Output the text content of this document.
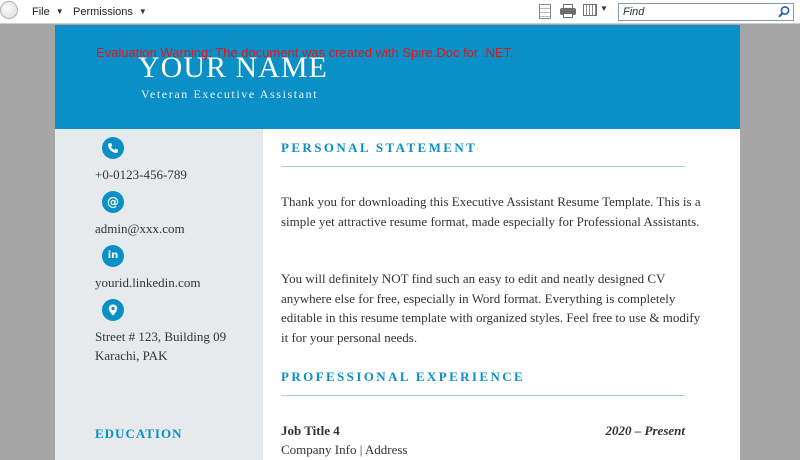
File ▼ Permissions ▼	▼
Find
YOUR NAME
Veteran Executive Assistant
Evaluation Warning: The document was created with Spire.Doc for .NET.
+0-0123-456-789
@
admin@xxx.com
in
yourid.linkedin.com
Street # 123, Building 09
Karachi, PAK
EDUCATION
PERSONAL STATEMENT
Thank you for downloading this Executive Assistant Resume Template. This is a simple yet attractive resume format, made especially for Professional Assistants.
You will definitely NOT find such an easy to edit and neatly designed CV anywhere else for free, especially in Word format. Everything is completely editable in this resume template with organized styles. Feel free to use & modify it for your personal needs.
PROFESSIONAL EXPERIENCE
Job Title 4	2020 – Present
Company Info | Address
